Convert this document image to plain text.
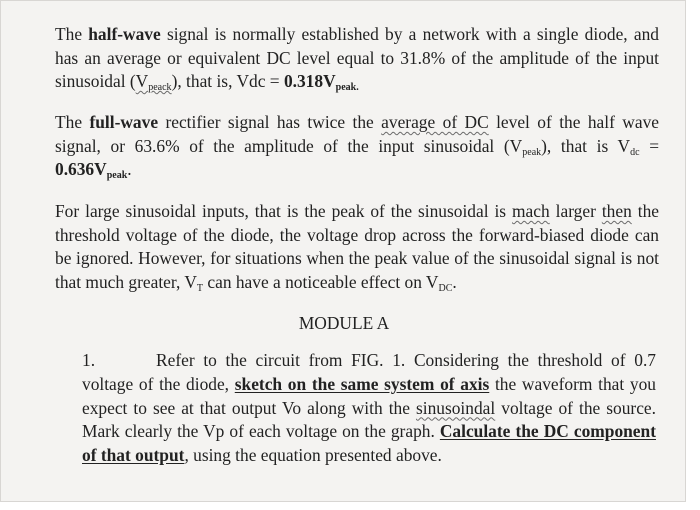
The half-wave signal is normally established by a network with a single diode, and has an average or equivalent DC level equal to 31.8% of the amplitude of the input sinusoidal $(V_{peack})$, that is, Vdc = $0.318V_{peak.}$

The full-wave rectifier signal has twice the average of DC level of the half wave signal, or 63.6% of the amplitude of the input sinusoidal $(V_{peak})$, that is $V_{dc} = 0.636V_{peak}$.

For large sinusoidal inputs, that is the peak of the sinusoidal is mach larger then the threshold voltage of the diode, the voltage drop across the forward-biased diode can be ignored. However, for situations when the peak value of the sinusoidal signal is not that much greater, $V_T$ can have a noticeable effect on $V_{DC}$.

MODULE A

1.	Refer to the circuit from FIG. 1. Considering the threshold of 0.7 voltage of the diode, sketch on the same system of axis the waveform that you expect to see at that output Vo along with the sinusoindal voltage of the source. Mark clearly the Vp of each voltage on the graph. Calculate the DC component of that output, using the equation presented above.
